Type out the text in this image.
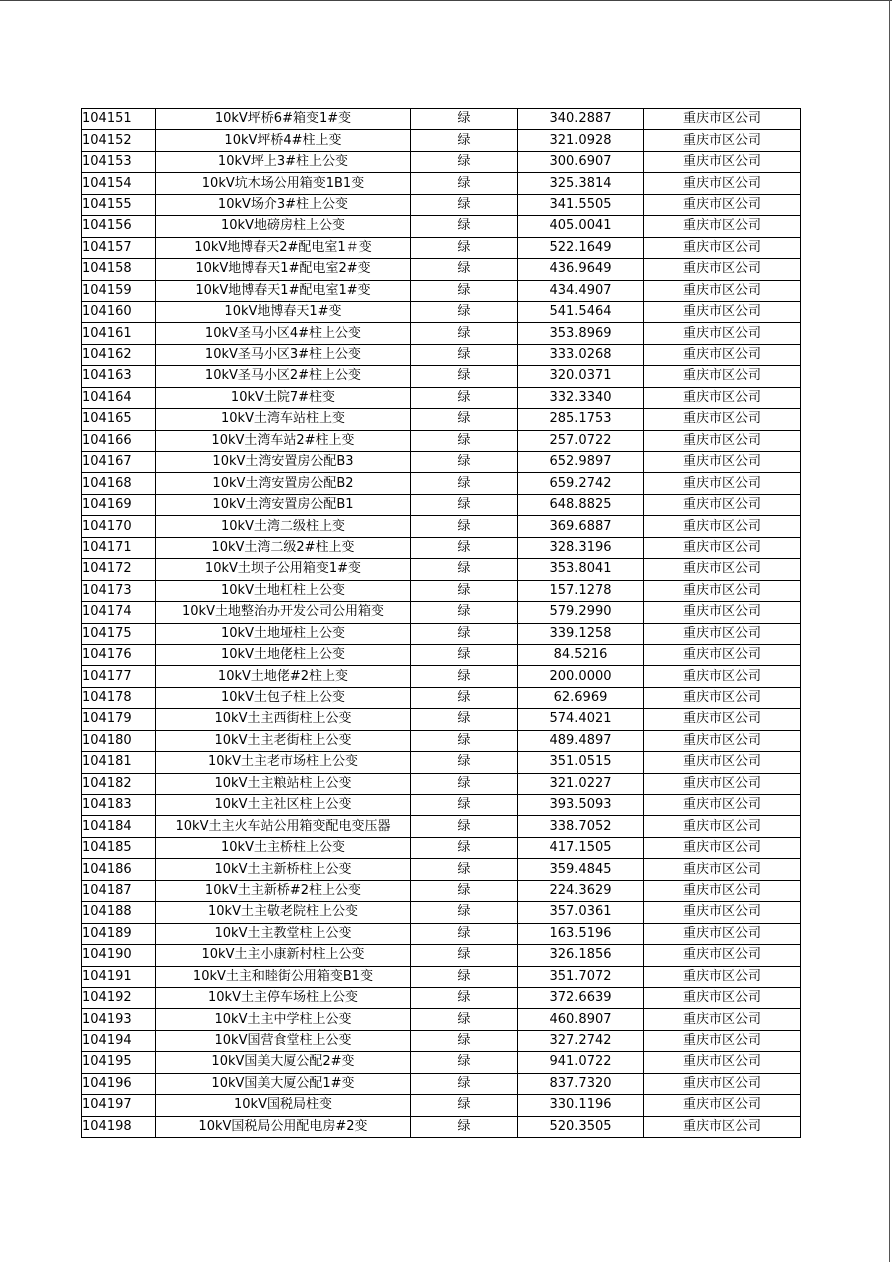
104151	10kV坪桥6#箱变1#变	绿	340.2887	重庆市区公司
104152	10kV坪桥4#柱上变	绿	321.0928	重庆市区公司
104153	10kV坪上3#柱上公变	绿	300.6907	重庆市区公司
104154	10kV坑木场公用箱变1B1变	绿	325.3814	重庆市区公司
104155	10kV场介3#柱上公变	绿	341.5505	重庆市区公司
104156	10kV地磅房柱上公变	绿	405.0041	重庆市区公司
104157	10kV地博春天2#配电室1＃变	绿	522.1649	重庆市区公司
104158	10kV地博春天1#配电室2#变	绿	436.9649	重庆市区公司
104159	10kV地博春天1#配电室1#变	绿	434.4907	重庆市区公司
104160	10kV地博春天1#变	绿	541.5464	重庆市区公司
104161	10kV圣马小区4#柱上公变	绿	353.8969	重庆市区公司
104162	10kV圣马小区3#柱上公变	绿	333.0268	重庆市区公司
104163	10kV圣马小区2#柱上公变	绿	320.0371	重庆市区公司
104164	10kV土院7#柱变	绿	332.3340	重庆市区公司
104165	10kV土湾车站柱上变	绿	285.1753	重庆市区公司
104166	10kV土湾车站2#柱上变	绿	257.0722	重庆市区公司
104167	10kV土湾安置房公配B3	绿	652.9897	重庆市区公司
104168	10kV土湾安置房公配B2	绿	659.2742	重庆市区公司
104169	10kV土湾安置房公配B1	绿	648.8825	重庆市区公司
104170	10kV土湾二级柱上变	绿	369.6887	重庆市区公司
104171	10kV土湾二级2#柱上变	绿	328.3196	重庆市区公司
104172	10kV土坝子公用箱变1#变	绿	353.8041	重庆市区公司
104173	10kV土地杠柱上公变	绿	157.1278	重庆市区公司
104174	10kV土地整治办开发公司公用箱变	绿	579.2990	重庆市区公司
104175	10kV土地垭柱上公变	绿	339.1258	重庆市区公司
104176	10kV土地佬柱上公变	绿	84.5216	重庆市区公司
104177	10kV土地佬#2柱上变	绿	200.0000	重庆市区公司
104178	10kV土包子柱上公变	绿	62.6969	重庆市区公司
104179	10kV土主西街柱上公变	绿	574.4021	重庆市区公司
104180	10kV土主老街柱上公变	绿	489.4897	重庆市区公司
104181	10kV土主老市场柱上公变	绿	351.0515	重庆市区公司
104182	10kV土主粮站柱上公变	绿	321.0227	重庆市区公司
104183	10kV土主社区柱上公变	绿	393.5093	重庆市区公司
104184	10kV土主火车站公用箱变配电变压器	绿	338.7052	重庆市区公司
104185	10kV土主桥柱上公变	绿	417.1505	重庆市区公司
104186	10kV土主新桥柱上公变	绿	359.4845	重庆市区公司
104187	10kV土主新桥#2柱上公变	绿	224.3629	重庆市区公司
104188	10kV土主敬老院柱上公变	绿	357.0361	重庆市区公司
104189	10kV土主教堂柱上公变	绿	163.5196	重庆市区公司
104190	10kV土主小康新村柱上公变	绿	326.1856	重庆市区公司
104191	10kV土主和睦街公用箱变B1变	绿	351.7072	重庆市区公司
104192	10kV土主停车场柱上公变	绿	372.6639	重庆市区公司
104193	10kV土主中学柱上公变	绿	460.8907	重庆市区公司
104194	10kV国营食堂柱上公变	绿	327.2742	重庆市区公司
104195	10kV国美大厦公配2#变	绿	941.0722	重庆市区公司
104196	10kV国美大厦公配1#变	绿	837.7320	重庆市区公司
104197	10kV国税局柱变	绿	330.1196	重庆市区公司
104198	10kV国税局公用配电房#2变	绿	520.3505	重庆市区公司
